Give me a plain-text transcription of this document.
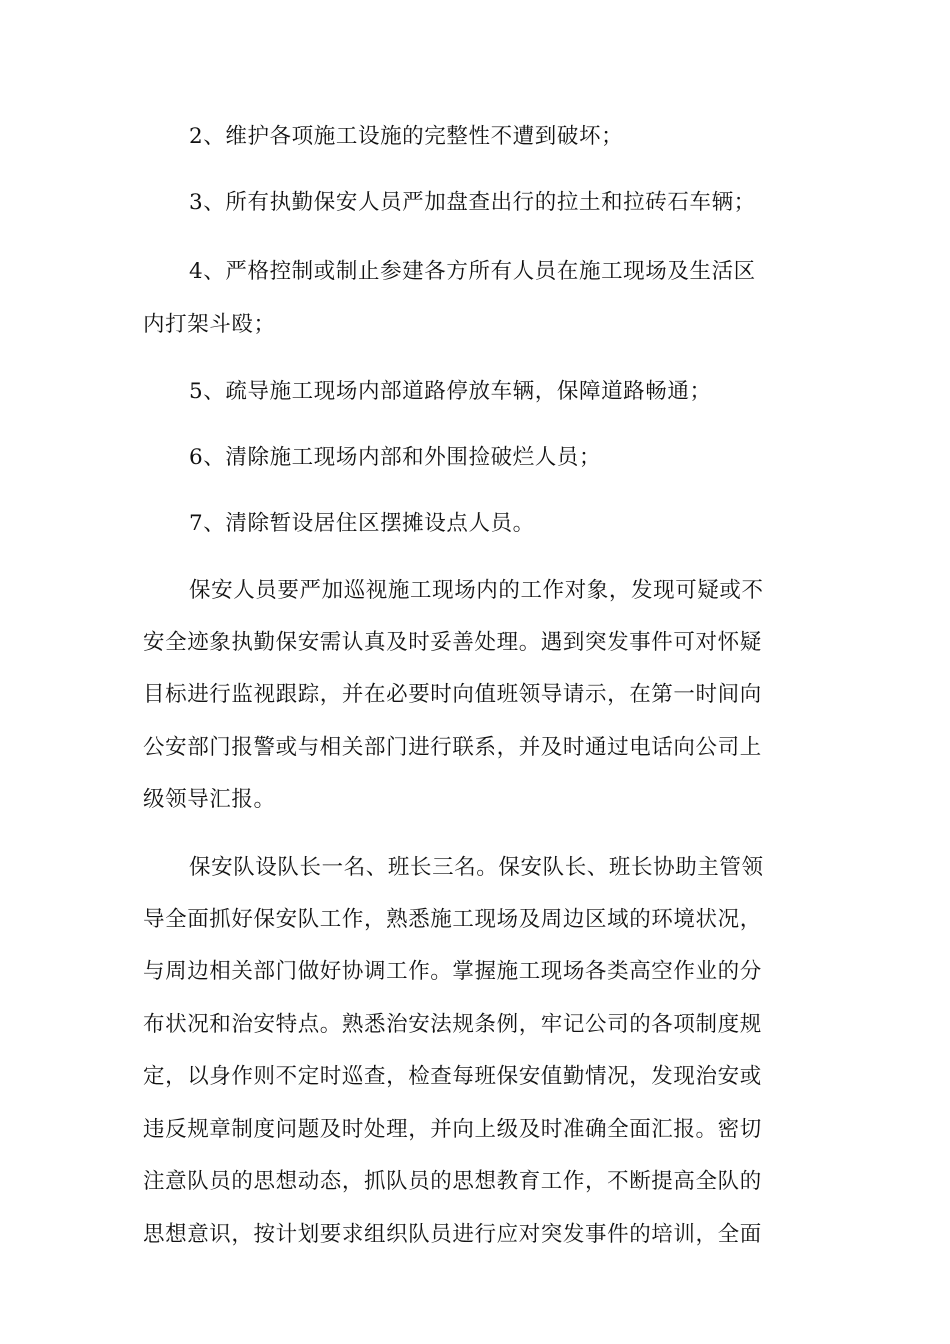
2、维护各项施工设施的完整性不遭到破坏；
3、所有执勤保安人员严加盘查出行的拉土和拉砖石车辆；
4、严格控制或制止参建各方所有人员在施工现场及生活区
内打架斗殴；
5、疏导施工现场内部道路停放车辆，保障道路畅通；
6、清除施工现场内部和外围捡破烂人员；
7、清除暂设居住区摆摊设点人员。
保安人员要严加巡视施工现场内的工作对象，发现可疑或不
安全迹象执勤保安需认真及时妥善处理。遇到突发事件可对怀疑
目标进行监视跟踪，并在必要时向值班领导请示，在第一时间向
公安部门报警或与相关部门进行联系，并及时通过电话向公司上
级领导汇报。
保安队设队长一名、班长三名。保安队长、班长协助主管领
导全面抓好保安队工作，熟悉施工现场及周边区域的环境状况，
与周边相关部门做好协调工作。掌握施工现场各类高空作业的分
布状况和治安特点。熟悉治安法规条例，牢记公司的各项制度规
定，以身作则不定时巡查，检查每班保安值勤情况，发现治安或
违反规章制度问题及时处理，并向上级及时准确全面汇报。密切
注意队员的思想动态，抓队员的思想教育工作，不断提高全队的
思想意识，按计划要求组织队员进行应对突发事件的培训，全面
